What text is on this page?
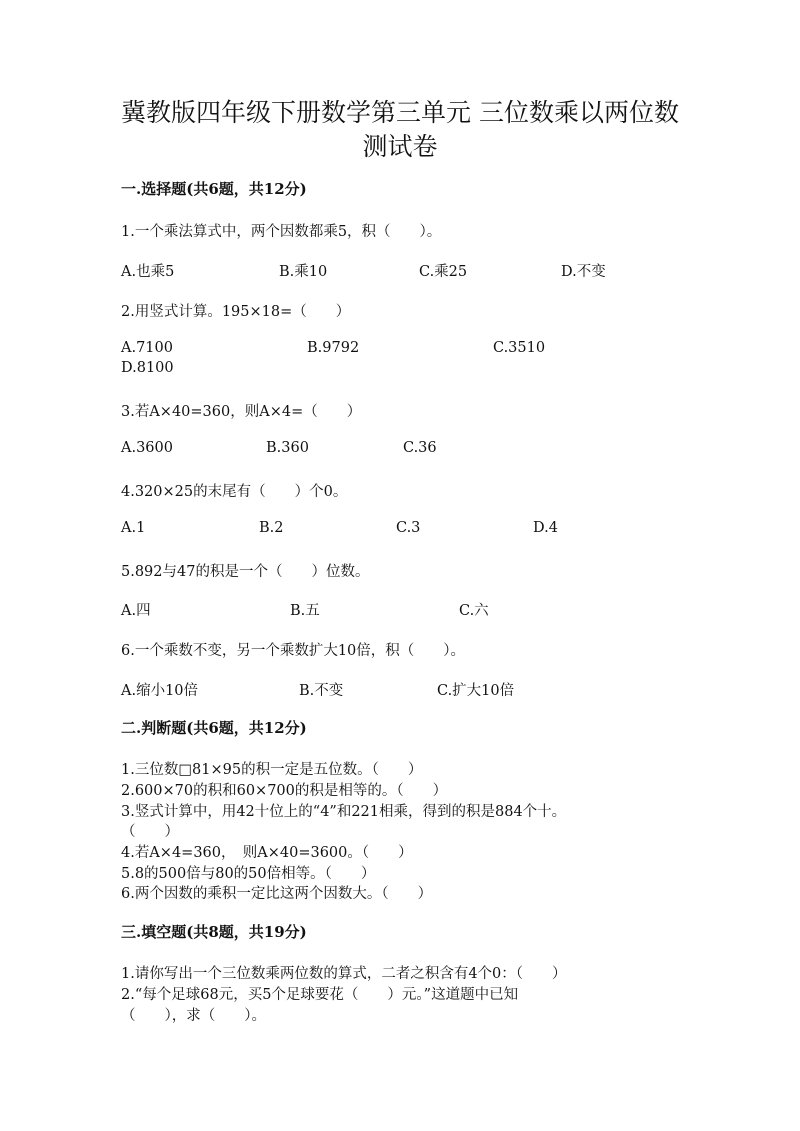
冀教版四年级下册数学第三单元 三位数乘以两位数
测试卷
一.选择题(共6题，共12分)
1.一个乘法算式中，两个因数都乘5，积（　　）。
A.也乘5	B.乘10	C.乘25	D.不变
2.用竖式计算。195×18=（　　）
A.7100	B.9792	C.3510
D.8100
3.若A×40=360，则A×4=（　　）
A.3600	B.360	C.36
4.320×25的末尾有（　　）个0。
A.1	B.2	C.3	D.4
5.892与47的积是一个（　　）位数。
A.四	B.五	C.六
6.一个乘数不变，另一个乘数扩大10倍，积（　　）。
A.缩小10倍	B.不变	C.扩大10倍
二.判断题(共6题，共12分)
1.三位数□81×95的积一定是五位数。（　　）
2.600×70的积和60×700的积是相等的。（　　）
3.竖式计算中，用42十位上的“4”和221相乘，得到的积是884个十。
（　　）
4.若A×4=360，　则A×40=3600。（　　）
5.8的500倍与80的50倍相等。（　　）
6.两个因数的乘积一定比这两个因数大。（　　）
三.填空题(共8题，共19分)
1.请你写出一个三位数乘两位数的算式，二者之积含有4个0：（　　）
2.“每个足球68元，买5个足球要花（　　）元。”这道题中已知
（　　），求（　　）。
